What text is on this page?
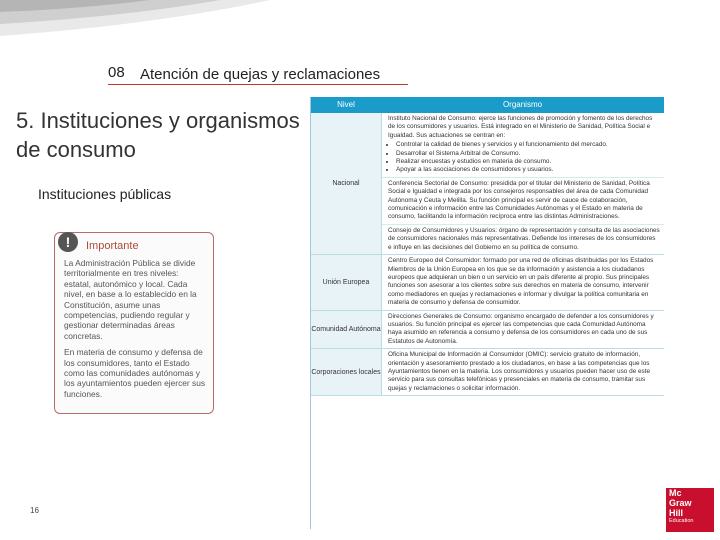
08 Atención de quejas y reclamaciones
5. Instituciones y organismos de consumo
Instituciones públicas
!	Importante

La Administración Pública se divide territorialmente en tres niveles: estatal, autonómico y local. Cada nivel, en base a lo establecido en la Constitución, asume unas competencias, pudiendo regular y gestionar determinadas áreas concretas.

En materia de consumo y defensa de los consumidores, tanto el Estado como las comunidades autónomas y los ayuntamientos pueden ejercer sus funciones.

16
Nivel	Organismo
Nacional
Instituto Nacional de Consumo: ejerce las funciones de promoción y fomento de los derechos de los consumidores y usuarios. Está integrado en el Ministerio de Sanidad, Política Social e Igualdad. Sus actuaciones se centran en:
• Controlar la calidad de bienes y servicios y el funcionamiento del mercado.
• Desarrollar el Sistema Arbitral de Consumo.
• Realizar encuestas y estudios en materia de consumo.
• Apoyar a las asociaciones de consumidores y usuarios.
Conferencia Sectorial de Consumo: presidida por el titular del Ministerio de Sanidad, Política Social e Igualdad e integrada por los consejeros responsables del área de cada Comunidad Autónoma y Ceuta y Melilla. Su función principal es servir de cauce de colaboración, comunicación e información entre las Comunidades Autónomas y el Estado en materia de consumo, facilitando la información recíproca entre las distintas Administraciones.
Consejo de Consumidores y Usuarios: órgano de representación y consulta de las asociaciones de consumidores nacionales más representativas. Defiende los intereses de los consumidores e influye en las decisiones del Gobierno en su política de consumo.
Unión Europea
Centro Europeo del Consumidor: formado por una red de oficinas distribuidas por los Estados Miembros de la Unión Europea en los que se da información y asistencia a los ciudadanos europeos que adquieran un bien o un servicio en un país diferente al propio. Sus principales funciones son asesorar a los clientes sobre sus derechos en materia de consumo, intervenir como mediadores en quejas y reclamaciones e informar y divulgar la política comunitaria en materia de consumo y defensa de consumidor.
Comunidad Autónoma
Direcciones Generales de Consumo: organismo encargado de defender a los consumidores y usuarios. Su función principal es ejercer las competencias que cada Comunidad Autónoma haya asumido en referencia a consumo y defensa de los consumidores en cada uno de sus Estatutos de Autonomía.
Corporaciones locales
Oficina Municipal de Información al Consumidor (OMIC): servicio gratuito de información, orientación y asesoramiento prestado a los ciudadanos, en base a las competencias que los Ayuntamientos tienen en la materia. Los consumidores y usuarios pueden hacer uso de este servicio para sus consultas telefónicas y presenciales en materia de consumo, tramitar sus quejas y reclamaciones o solicitar información.
Mc
Graw
Hill
Education
